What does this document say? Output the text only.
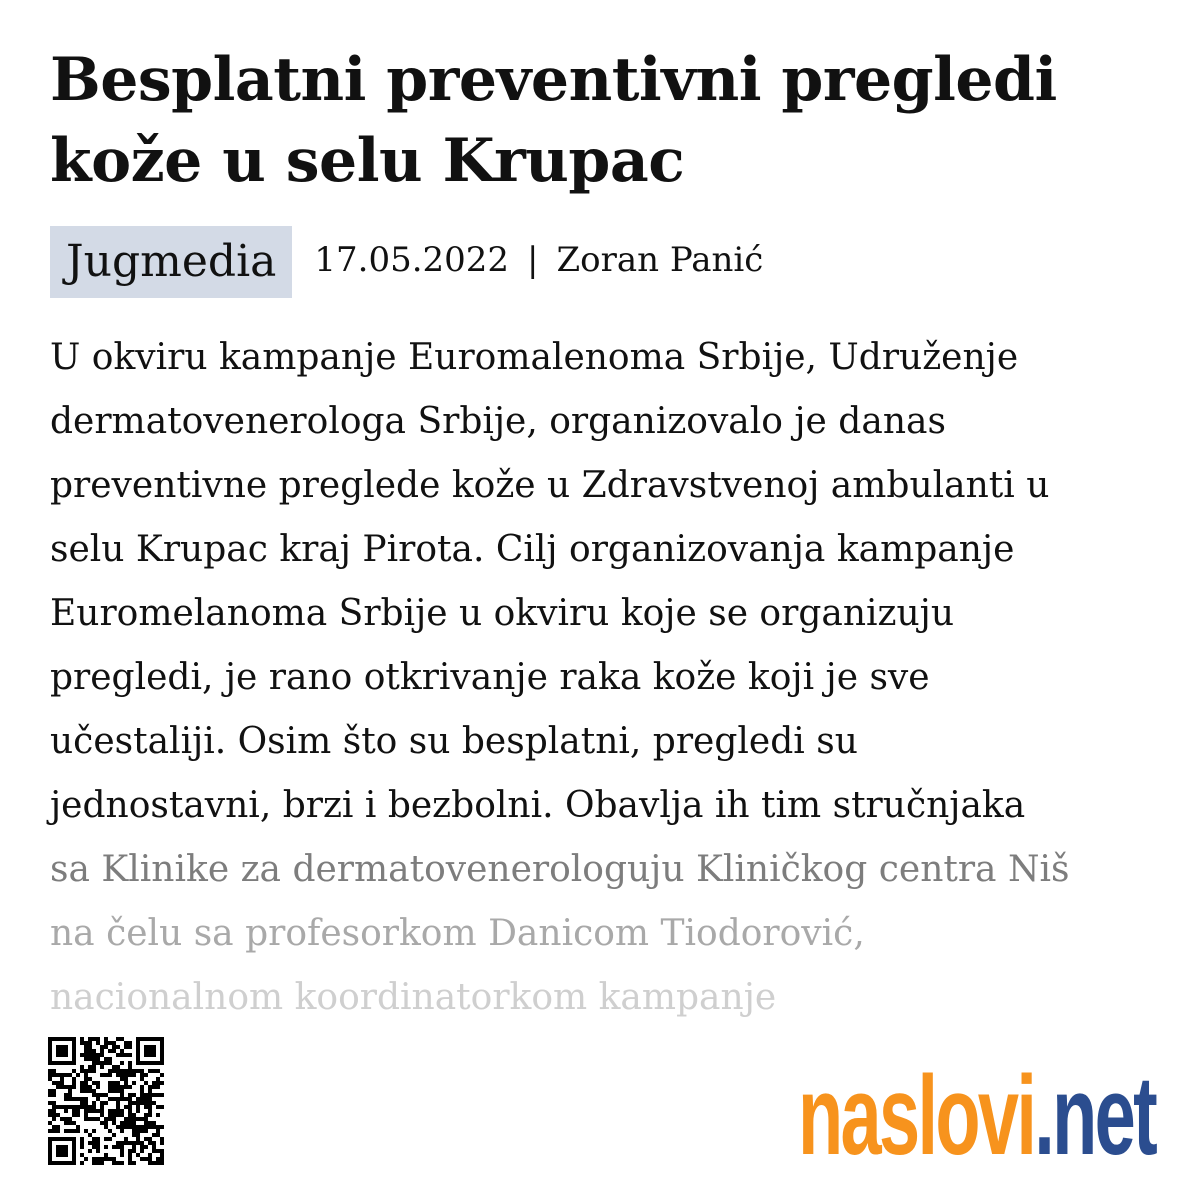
Besplatni preventivni pregledi kože u selu Krupac
Jugmedia	17.05.2022 | Zoran Panić
U okviru kampanje Euromalenoma Srbije, Udruženje
dermatovenerologa Srbije, organizovalo je danas
preventivne preglede kože u Zdravstvenoj ambulanti u
selu Krupac kraj Pirota. Cilj organizovanja kampanje
Euromelanoma Srbije u okviru koje se organizuju
pregledi, je rano otkrivanje raka kože koji je sve
učestaliji. Osim što su besplatni, pregledi su
jednostavni, brzi i bezbolni. Obavlja ih tim stručnjaka
sa Klinike za dermatovenerologuju Kliničkog centra Niš
na čelu sa profesorkom Danicom Tiodorović,
nacionalnom koordinatorkom kampanje
naslovi.net
